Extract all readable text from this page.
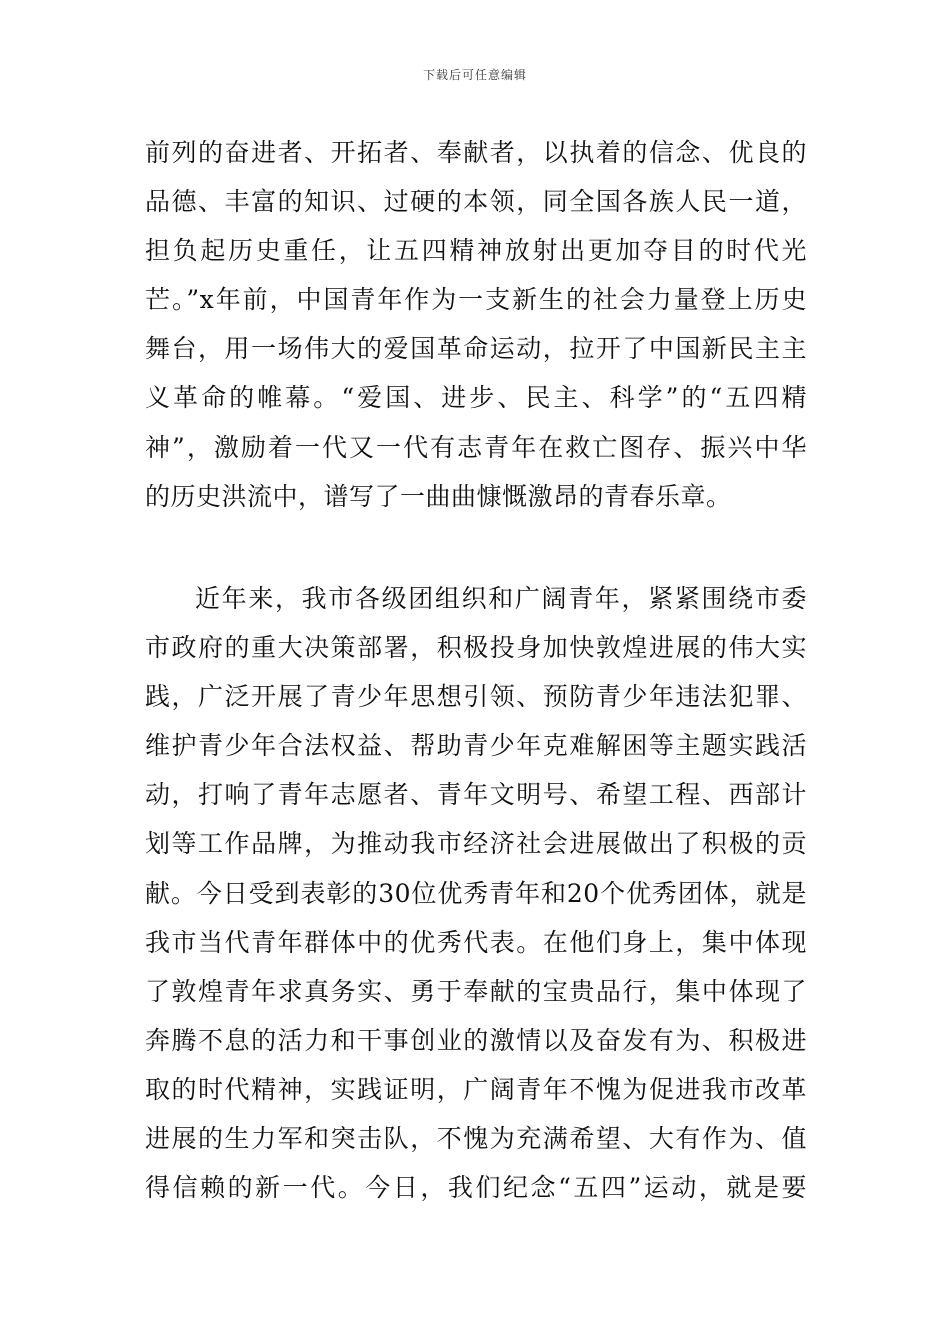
下载后可任意编辑
前列的奋进者、开拓者、奉献者，以执着的信念、优良的
品德、丰富的知识、过硬的本领，同全国各族人民一道，
担负起历史重任，让五四精神放射出更加夺目的时代光
芒。”x年前，中国青年作为一支新生的社会力量登上历史
舞台，用一场伟大的爱国革命运动，拉开了中国新民主主
义革命的帷幕。“爱国、进步、民主、科学”的“五四精
神”，激励着一代又一代有志青年在救亡图存、振兴中华
的历史洪流中，谱写了一曲曲慷慨激昂的青春乐章。
近年来，我市各级团组织和广阔青年，紧紧围绕市委
市政府的重大决策部署，积极投身加快敦煌进展的伟大实
践，广泛开展了青少年思想引领、预防青少年违法犯罪、
维护青少年合法权益、帮助青少年克难解困等主题实践活
动，打响了青年志愿者、青年文明号、希望工程、西部计
划等工作品牌，为推动我市经济社会进展做出了积极的贡
献。今日受到表彰的30位优秀青年和20个优秀团体，就是
我市当代青年群体中的优秀代表。在他们身上，集中体现
了敦煌青年求真务实、勇于奉献的宝贵品行，集中体现了
奔腾不息的活力和干事创业的激情以及奋发有为、积极进
取的时代精神，实践证明，广阔青年不愧为促进我市改革
进展的生力军和突击队，不愧为充满希望、大有作为、值
得信赖的新一代。今日，我们纪念“五四”运动，就是要
